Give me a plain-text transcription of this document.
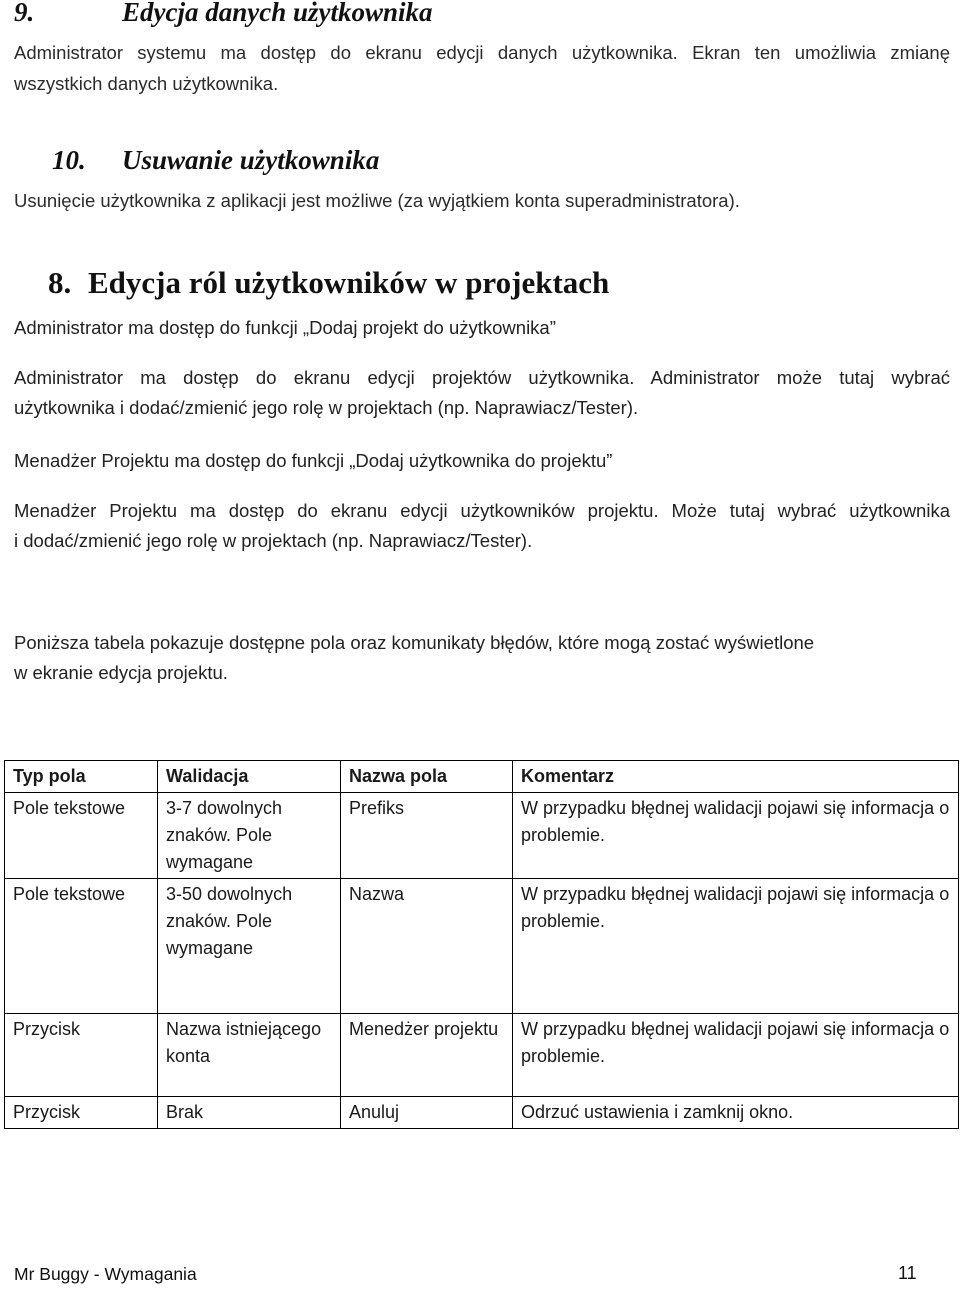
9.	Edycja danych użytkownika
Administrator systemu ma dostęp do ekranu edycji danych użytkownika. Ekran ten umożliwia zmianę
wszystkich danych użytkownika.
10. Usuwanie użytkownika
Usunięcie użytkownika z aplikacji jest możliwe (za wyjątkiem konta superadministratora).
8. Edycja ról użytkowników w projektach
Administrator ma dostęp do funkcji „Dodaj projekt do użytkownika”
Administrator ma dostęp do ekranu edycji projektów użytkownika. Administrator może tutaj wybrać
użytkownika i dodać/zmienić jego rolę w projektach (np. Naprawiacz/Tester).
Menadżer Projektu ma dostęp do funkcji „Dodaj użytkownika do projektu”
Menadżer Projektu ma dostęp do ekranu edycji użytkowników projektu. Może tutaj wybrać użytkownika
i dodać/zmienić jego rolę w projektach (np. Naprawiacz/Tester).
Poniższa tabela pokazuje dostępne pola oraz komunikaty błędów, które mogą zostać wyświetlone
w ekranie edycja projektu.
Typ pola	Walidacja	Nazwa pola	Komentarz
Pole tekstowe	3-7 dowolnych znaków. Pole wymagane	Prefiks	W przypadku błędnej walidacji pojawi się informacja o problemie.
Pole tekstowe	3-50 dowolnych znaków. Pole wymagane	Nazwa	W przypadku błędnej walidacji pojawi się informacja o problemie.
Przycisk	Nazwa istniejącego konta	Menedżer projektu	W przypadku błędnej walidacji pojawi się informacja o problemie.
Przycisk	Brak	Anuluj	Odrzuć ustawienia i zamknij okno.
Mr Buggy - Wymagania	11
